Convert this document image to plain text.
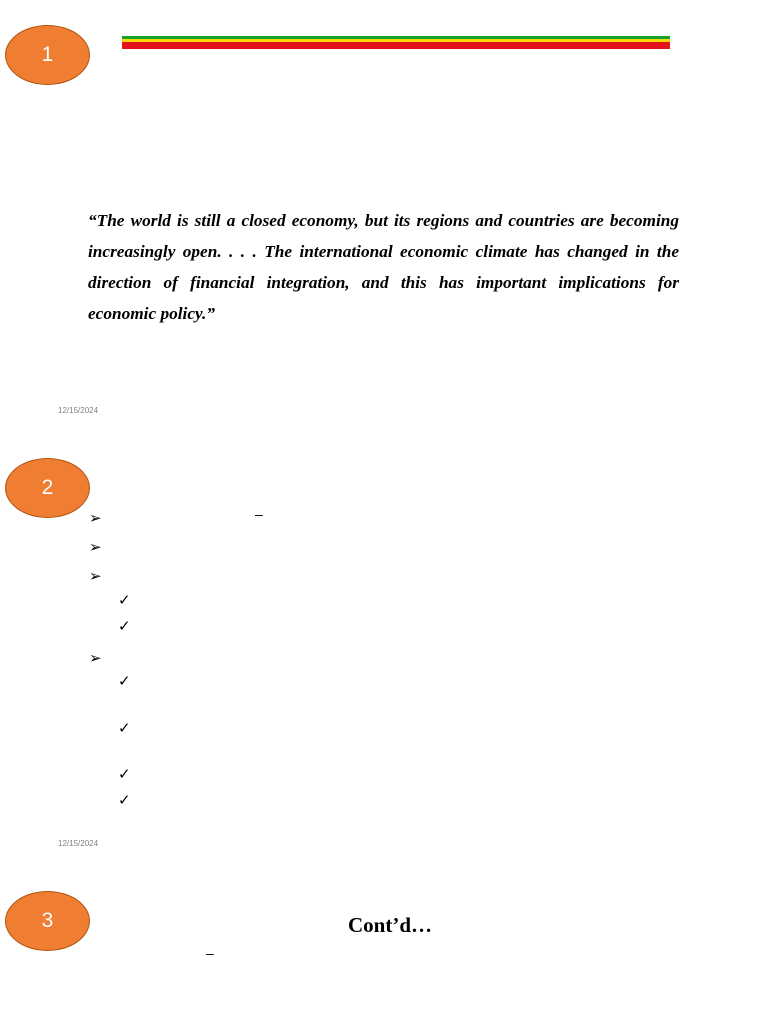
1
“The world is still a closed economy, but its regions and countries are becoming increasingly open. . . . The international economic climate has changed in the direction of financial integration, and this has important implications for economic policy.”
12/15/2024
2
–
➢
➢
➢
✓
✓
➢
✓
✓
✓
✓
12/15/2024
3	Cont’d…
–
